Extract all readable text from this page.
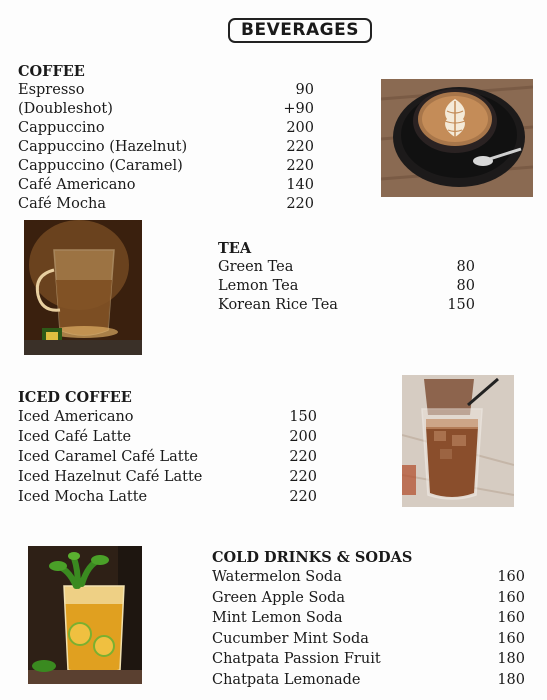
BEVERAGES
COFFEE
Espresso	90
(Doubleshot)	+90
Cappuccino	200
Cappuccino (Hazelnut)	220
Cappuccino (Caramel)	220
Café Americano	140
Café Mocha	220
TEA
Green Tea	80
Lemon Tea	80
Korean Rice Tea	150
ICED COFFEE
Iced Americano	150
Iced Café Latte	200
Iced Caramel Café Latte	220
Iced Hazelnut Café Latte	220
Iced Mocha Latte	220
COLD DRINKS & SODAS
Watermelon Soda	160
Green Apple Soda	160
Mint Lemon Soda	160
Cucumber Mint Soda	160
Chatpata Passion Fruit	180
Chatpata Lemonade	180
